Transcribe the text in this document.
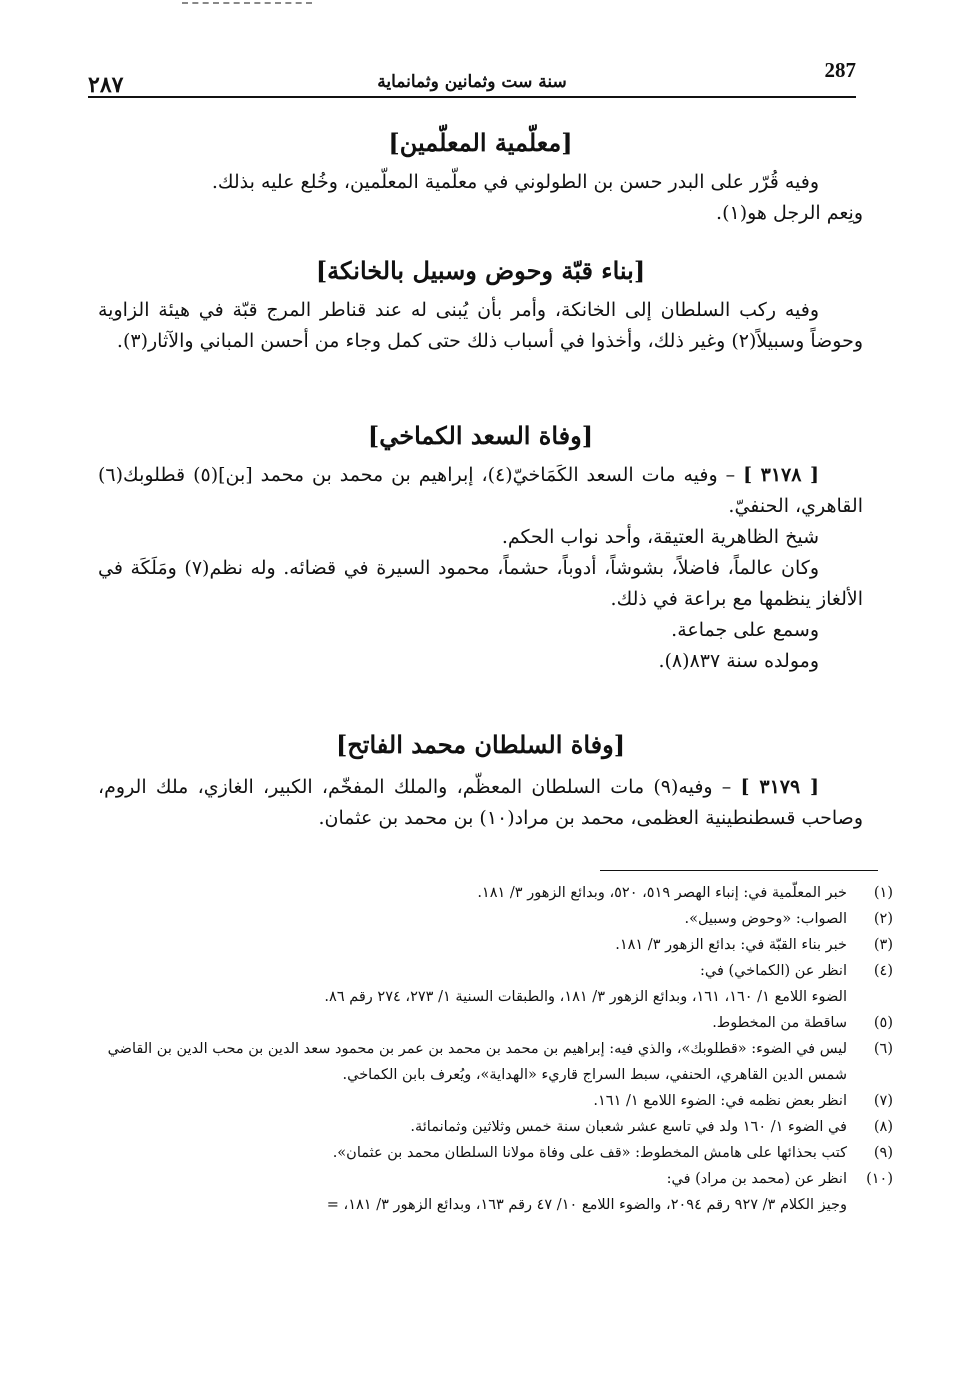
287
سنة ست وثمانين وثمانماية
٢٨٧
[معلّمية المعلّمين]

وفيه قُرّر على البدر حسن بن الطولوني في معلّمية المعلّمين، وخُلع عليه بذلك.

ونِعم الرجل هو(١).

[بناء قبّة وحوض وسبيل بالخانكة]

وفيه ركب السلطان إلى الخانكة، وأمر بأن يُبنى له عند قناطر المرج قبّة في هيئة الزاوية وحوضاً وسبيلاً(٢) وغير ذلك، وأخذوا في أسباب ذلك حتى كمل وجاء من أحسن المباني والآثار(٣).

[وفاة السعد الكماخي]

[ ٣١٧٨ ] – وفيه مات السعد الكَمَاخيّ(٤)، إبراهيم بن محمد بن محمد [بن](٥) قطلوبك(٦) القاهري، الحنفيّ.

شيخ الظاهرية العتيقة، وأحد نواب الحكم.

وكان عالماً، فاضلاً، بشوشاً، أدوباً، حشماً، محمود السيرة في قضائه. وله نظم(٧) ومَلَكَة في الألغاز ينظمها مع براعة في ذلك.

وسمع على جماعة.

ومولده سنة ٨٣٧(٨).

[وفاة السلطان محمد الفاتح]

[ ٣١٧٩ ] – وفيه(٩) مات السلطان المعظّم، والملك المفخّم، الكبير، الغازي، ملك الروم، وصاحب قسطنطينية العظمى، محمد بن مراد(١٠) بن محمد بن عثمان.

(١)
خبر المعلّمية في: إنباء الهصر ٥١٩، ٥٢٠، وبدائع الزهور ٣/ ١٨١.
(٢)
الصواب: «وحوض وسبيل».
(٣)
خبر بناء القبّة في: بدائع الزهور ٣/ ١٨١.
(٤)
انظر عن (الكماخي) في:
الضوء اللامع ١/ ١٦٠، ١٦١، وبدائع الزهور ٣/ ١٨١، والطبقات السنية ١/ ٢٧٣، ٢٧٤ رقم ٨٦.
(٥)
ساقطة من المخطوط.
(٦)
ليس في الضوء: «قطلوبك»، والذي فيه: إبراهيم بن محمد بن محمد بن عمر بن محمود سعد الدين بن محب الدين بن القاضي شمس الدين القاهري، الحنفي، سبط السراج قاريء «الهداية»، ويُعرف بابن الكماخي.
(٧)
انظر بعض نظمه في: الضوء اللامع ١/ ١٦١.
(٨)
في الضوء ١/ ١٦٠ ولد في تاسع عشر شعبان سنة خمس وثلاثين وثمانمائة.
(٩)
كتب بحذائها على هامش المخطوط: «قف على وفاة مولانا السلطان محمد بن عثمان».
(١٠)
انظر عن (محمد بن مراد) في:
وجيز الكلام ٣/ ٩٢٧ رقم ٢٠٩٤، والضوء اللامع ١٠/ ٤٧ رقم ١٦٣، وبدائع الزهور ٣/ ١٨١، =
